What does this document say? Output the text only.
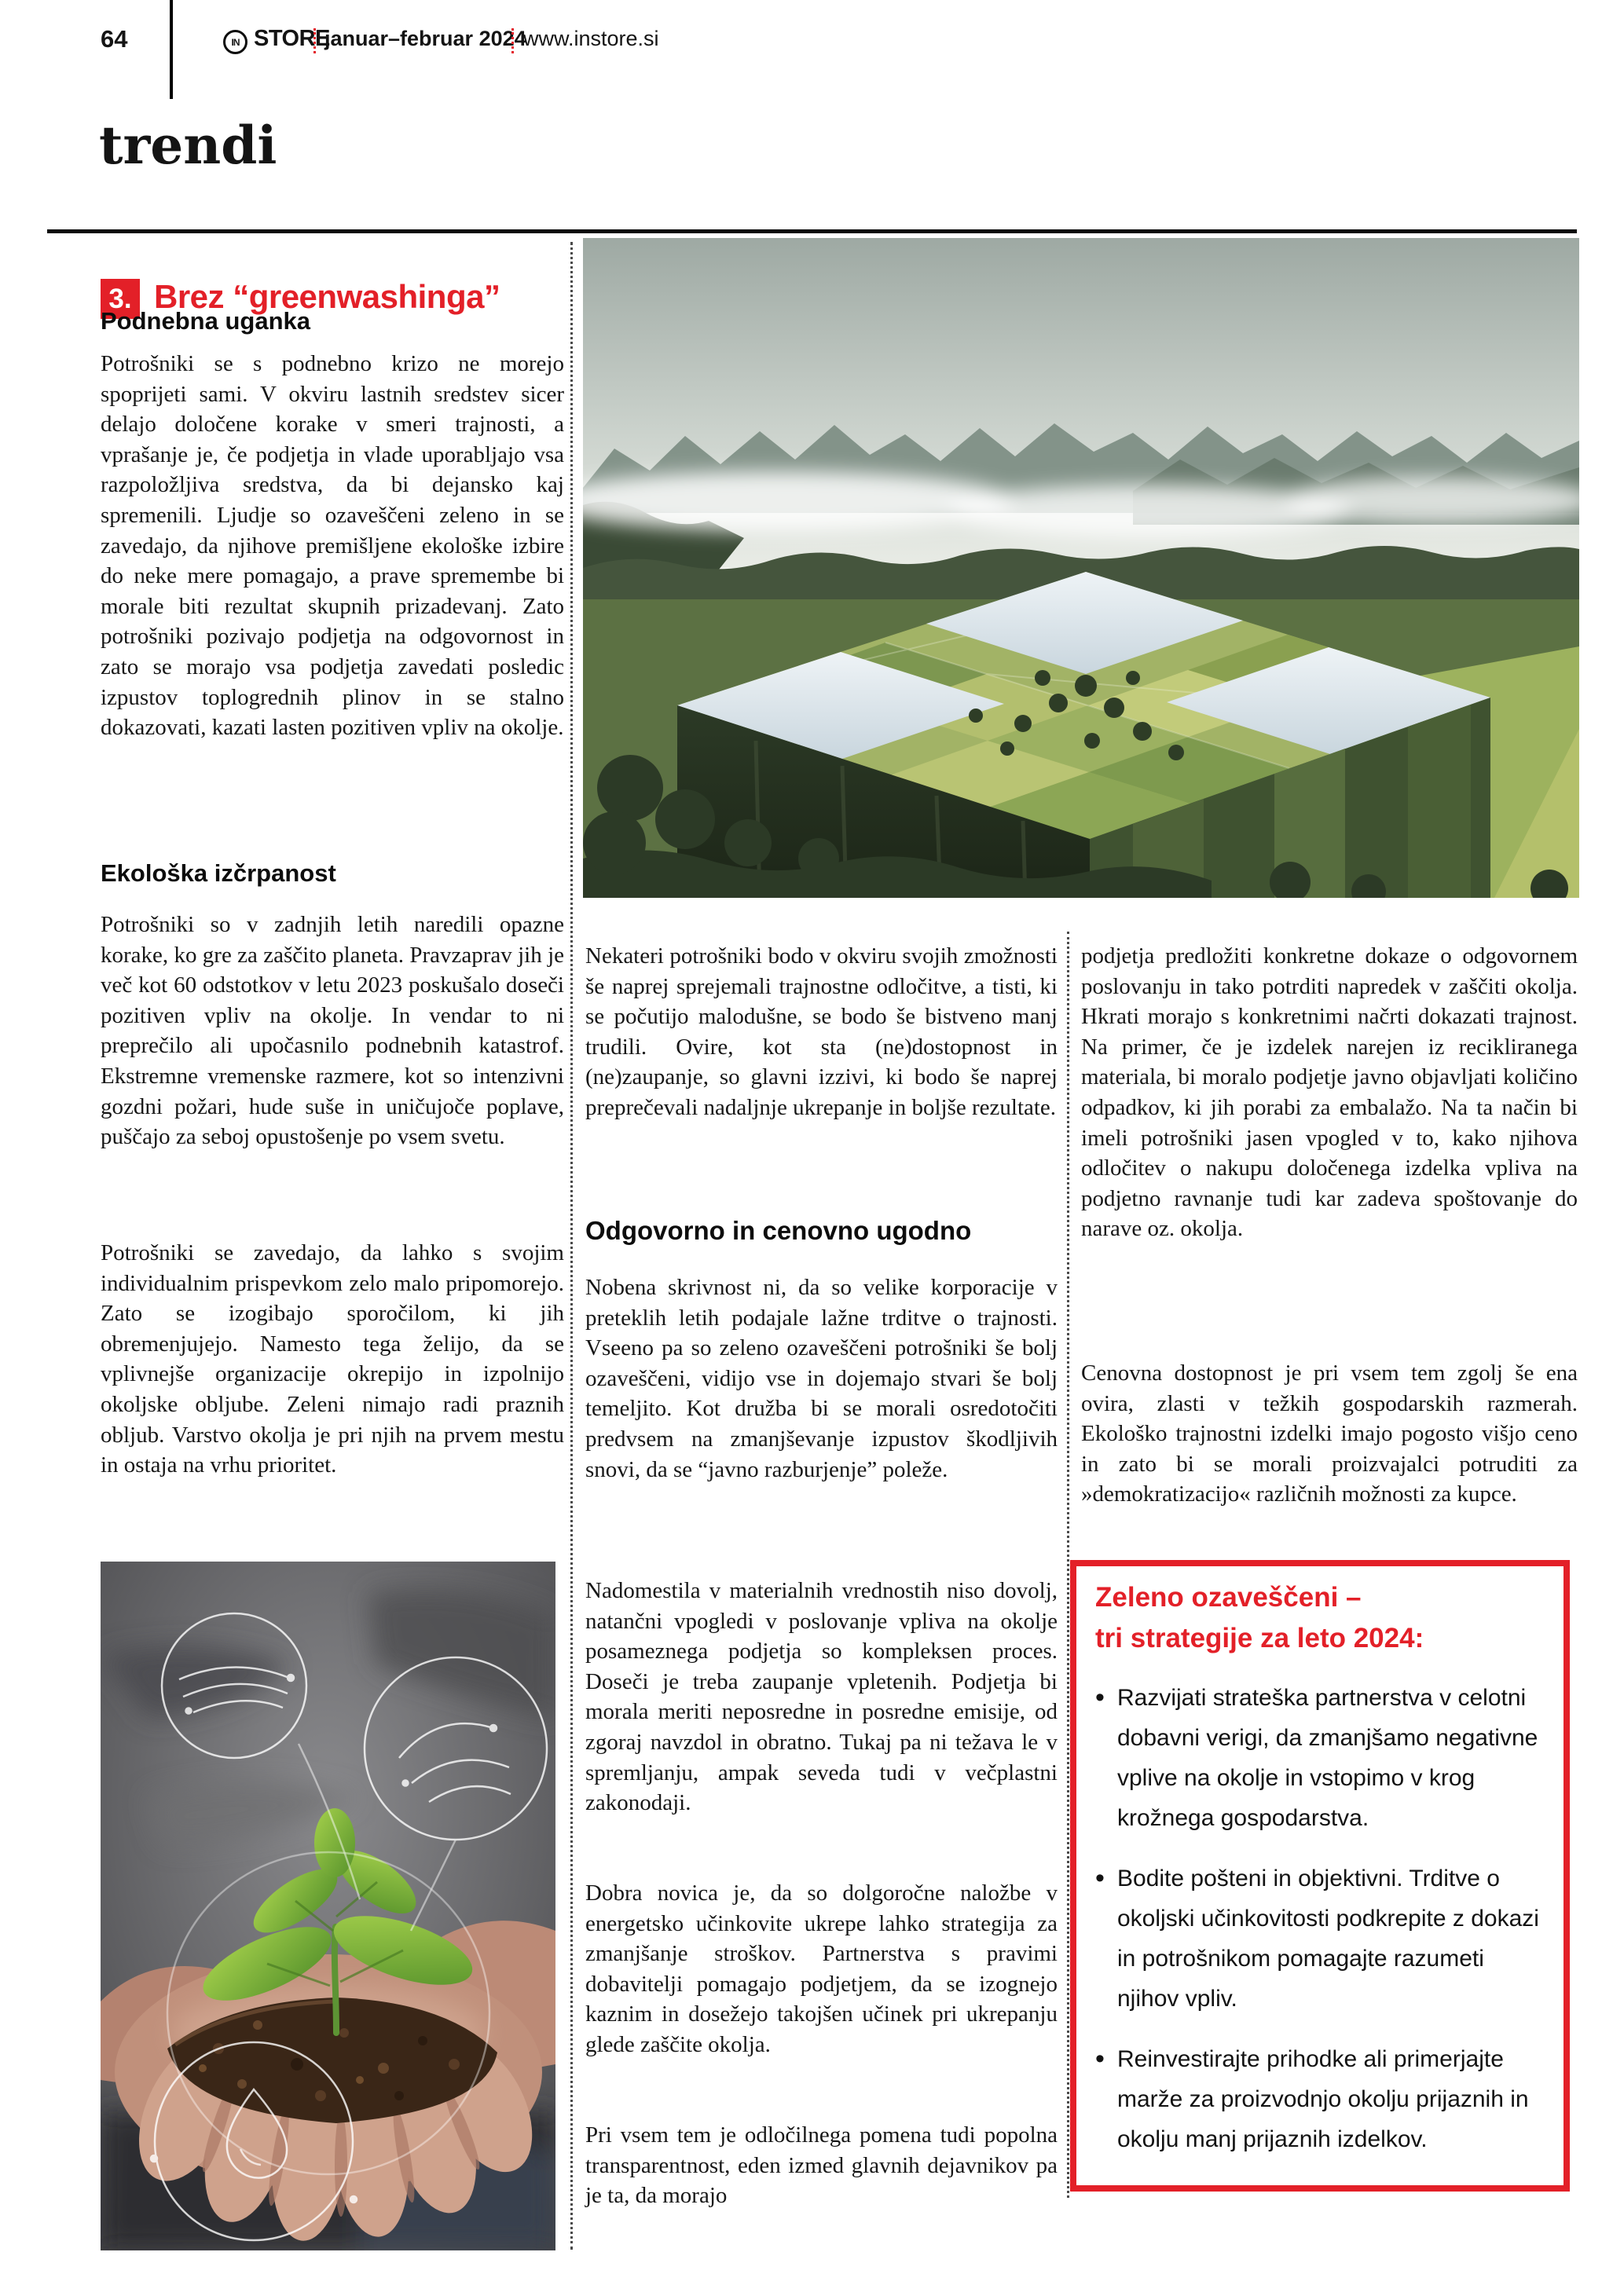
64	IN STORE
januar–februar 2024
www.instore.si
trendi
3. Brez “greenwashinga”
Podnebna uganka

Potrošniki se s podnebno krizo ne morejo spoprijeti sami. V okviru lastnih sredstev sicer delajo določene korake v smeri trajnosti, a vprašanje je, če podjetja in vlade uporabljajo vsa razpoložljiva sredstva, da bi dejansko kaj spremenili. Ljudje so ozaveščeni zeleno in se zavedajo, da njihove premišljene ekološke izbire do neke mere pomagajo, a prave spremembe bi morale biti rezultat skupnih prizadevanj. Zato potrošniki pozivajo podjetja na odgovornost in zato se morajo vsa podjetja zavedati posledic izpustov toplogrednih plinov in se stalno dokazovati, kazati lasten pozitiven vpliv na okolje.

Ekološka izčrpanost

Potrošniki so v zadnjih letih naredili opazne korake, ko gre za zaščito planeta. Pravzaprav jih je več kot 60 odstotkov v letu 2023 poskušalo doseči pozitiven vpliv na okolje. In vendar to ni preprečilo ali upočasnilo podnebnih katastrof. Ekstremne vremenske razmere, kot so intenzivni gozdni požari, hude suše in uničujoče poplave, puščajo za seboj opustošenje po vsem svetu.

Potrošniki se zavedajo, da lahko s svojim individualnim prispevkom zelo malo pripomorejo. Zato se izogibajo sporočilom, ki jih obremenjujejo. Namesto tega želijo, da se vplivnejše organizacije okrepijo in izpolnijo okoljske obljube. Zeleni nimajo radi praznih obljub. Varstvo okolja je pri njih na prvem mestu in ostaja na vrhu prioritet.

Nekateri potrošniki bodo v okviru svojih zmožnosti še naprej sprejemali trajnostne odločitve, a tisti, ki se počutijo malodušne, se bodo še bistveno manj trudili. Ovire, kot sta (ne)dostopnost in (ne)zaupanje, so glavni izzivi, ki bodo še naprej preprečevali nadaljnje ukrepanje in boljše rezultate.

Odgovorno in cenovno ugodno

Nobena skrivnost ni, da so velike korporacije v preteklih letih podajale lažne trditve o trajnosti. Vseeno pa so zeleno ozaveščeni potrošniki še bolj ozaveščeni, vidijo vse in dojemajo stvari še bolj temeljito. Kot družba bi se morali osredotočiti predvsem na zmanjševanje izpustov škodljivih snovi, da se “javno razburjenje” poleže.

Nadomestila v materialnih vrednostih niso dovolj, natančni vpogledi v poslovanje vpliva na okolje posameznega podjetja so kompleksen proces. Doseči je treba zaupanje vpletenih. Podjetja bi morala meriti neposredne in posredne emisije, od zgoraj navzdol in obratno. Tukaj pa ni težava le v spremljanju, ampak seveda tudi v večplastni zakonodaji.

Dobra novica je, da so dolgoročne naložbe v energetsko učinkovite ukrepe lahko strategija za zmanjšanje stroškov. Partnerstva s pravimi dobavitelji pomagajo podjetjem, da se izognejo kaznim in dosežejo takojšen učinek pri ukrepanju glede zaščite okolja.

Pri vsem tem je odločilnega pomena tudi popolna transparentnost, eden izmed glavnih dejavnikov pa je ta, da morajo

podjetja predložiti konkretne dokaze o odgovornem poslovanju in tako potrditi napredek v zaščiti okolja. Hkrati morajo s konkretnimi načrti dokazati trajnost. Na primer, če je izdelek narejen iz recikliranega materiala, bi moralo podjetje javno objavljati količino odpadkov, ki jih porabi za embalažo. Na ta način bi imeli potrošniki jasen vpogled v to, kako njihova odločitev o nakupu določenega izdelka vpliva na podjetno ravnanje tudi kar zadeva spoštovanje do narave oz. okolja.

Cenovna dostopnost je pri vsem tem zgolj še ena ovira, zlasti v težkih gospodarskih razmerah. Ekološko trajnostni izdelki imajo pogosto višjo ceno in zato bi se morali proizvajalci potruditi za »demokratizacijo« različnih možnosti za kupce.

Zeleno ozaveščeni –
tri strategije za leto 2024:
• Razvijati strateška partnerstva v celotni dobavni verigi, da zmanjšamo negativne vplive na okolje in vstopimo v krog krožnega gospodarstva.
• Bodite pošteni in objektivni. Trditve o okoljski učinkovitosti podkrepite z dokazi in potrošnikom pomagajte razumeti njihov vpliv.
• Reinvestirajte prihodke ali primerjajte marže za proizvodnjo okolju prijaznih in okolju manj prijaznih izdelkov.
